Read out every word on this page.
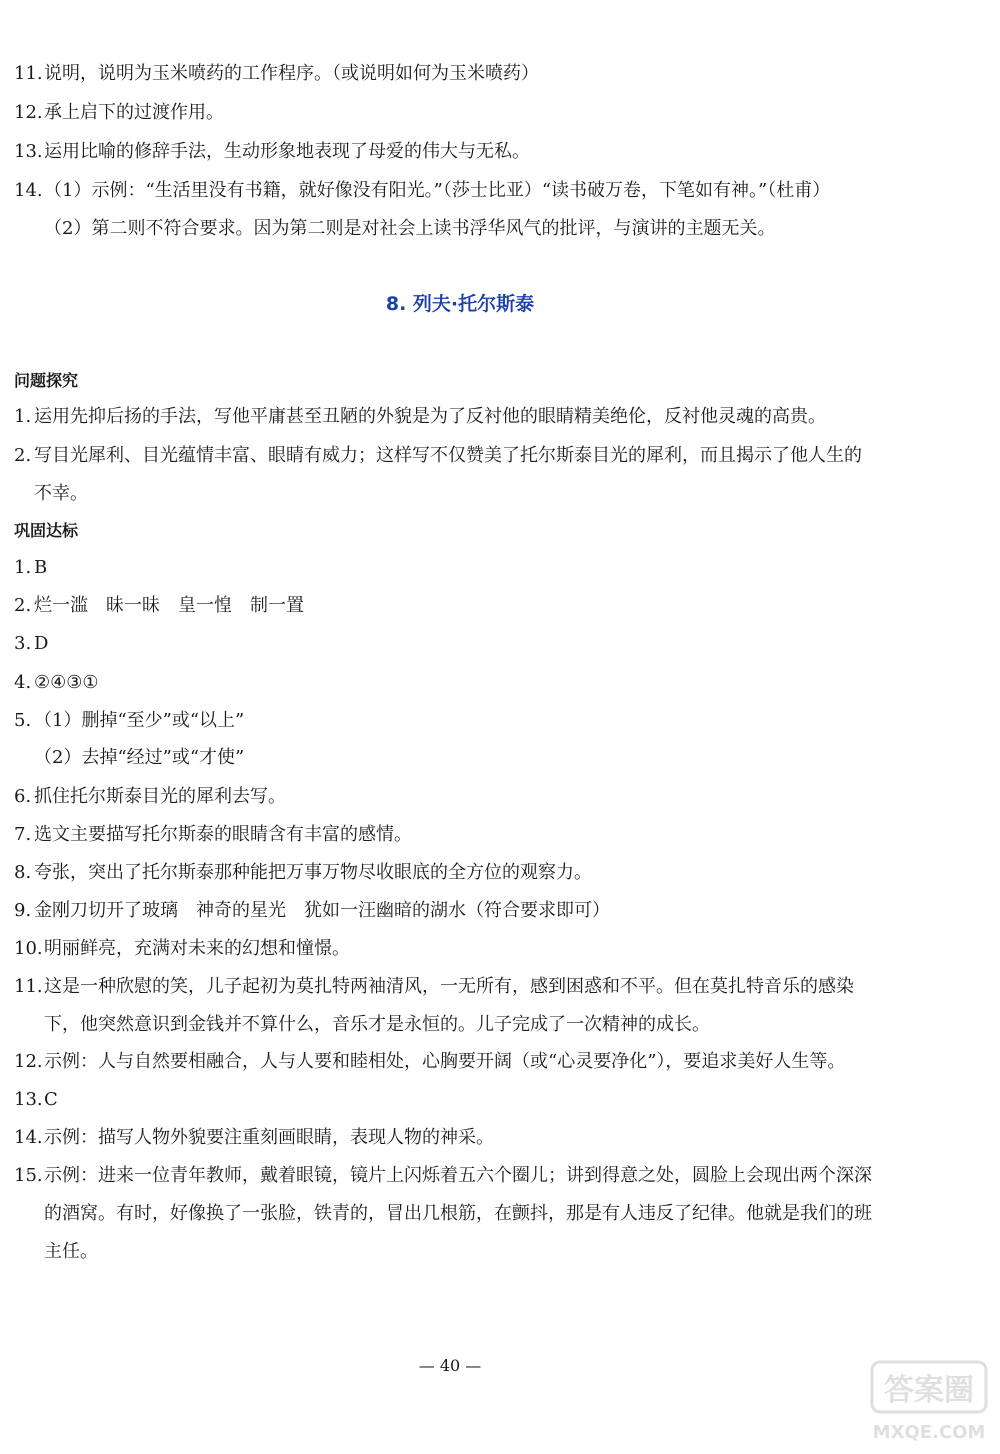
11. 说明，说明为玉米喷药的工作程序。（或说明如何为玉米喷药）
12. 承上启下的过渡作用。
13. 运用比喻的修辞手法，生动形象地表现了母爱的伟大与无私。
14. （1）示例：“生活里没有书籍，就好像没有阳光。”（莎士比亚）“读书破万卷，下笔如有神。”（杜甫）
（2）第二则不符合要求。因为第二则是对社会上读书浮华风气的批评，与演讲的主题无关。
8. 列夫·托尔斯泰
问题探究
1. 运用先抑后扬的手法，写他平庸甚至丑陋的外貌是为了反衬他的眼睛精美绝伦，反衬他灵魂的高贵。
2. 写目光犀利、目光蕴情丰富、眼睛有威力；这样写不仅赞美了托尔斯泰目光的犀利，而且揭示了他人生的
不幸。
巩固达标
1. B
2. 烂一滥　昧一昧　皇一惶　制一置
3. D
4. ②④③①
5. （1）删掉“至少”或“以上”
（2）去掉“经过”或“才使”
6. 抓住托尔斯泰目光的犀利去写。
7. 选文主要描写托尔斯泰的眼睛含有丰富的感情。
8. 夸张，突出了托尔斯泰那种能把万事万物尽收眼底的全方位的观察力。
9. 金刚刀切开了玻璃　神奇的星光　犹如一汪幽暗的湖水（符合要求即可）
10. 明丽鲜亮，充满对未来的幻想和憧憬。
11. 这是一种欣慰的笑，儿子起初为莫扎特两袖清风，一无所有，感到困惑和不平。但在莫扎特音乐的感染
下，他突然意识到金钱并不算什么，音乐才是永恒的。儿子完成了一次精神的成长。
12. 示例：人与自然要相融合，人与人要和睦相处，心胸要开阔（或“心灵要净化”），要追求美好人生等。
13. C
14. 示例：描写人物外貌要注重刻画眼睛，表现人物的神采。
15. 示例：进来一位青年教师，戴着眼镜，镜片上闪烁着五六个圈儿；讲到得意之处，圆脸上会现出两个深深
的酒窝。有时，好像换了一张脸，铁青的，冒出几根筋，在颤抖，那是有人违反了纪律。他就是我们的班
主任。
— 40 —
答案圈
MXQE.COM
